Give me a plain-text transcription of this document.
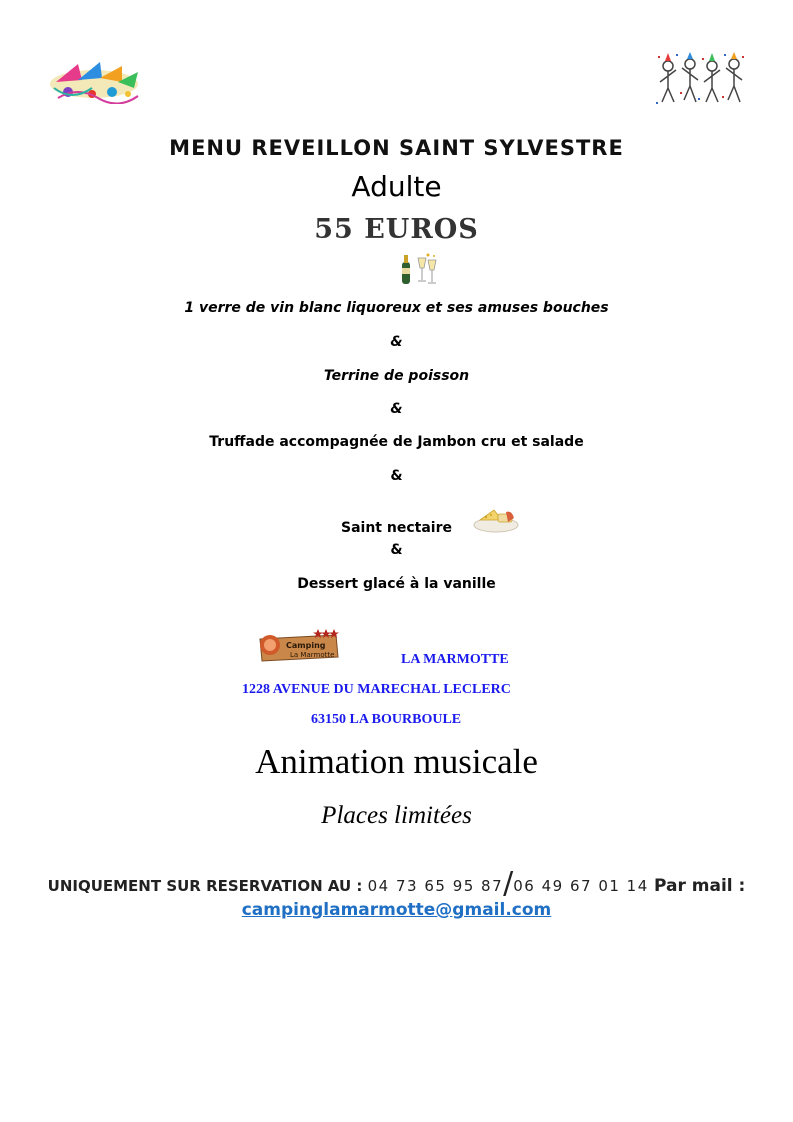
MENU REVEILLON SAINT SYLVESTRE
Adulte
55 EUROS
1 verre de vin blanc liquoreux et ses amuses bouches
&
Terrine de poisson
&
Truffade accompagnée de Jambon cru et salade
&
Saint nectaire
&
Dessert glacé à la vanille
Camping
La Marmotte	LA MARMOTTE
1228 AVENUE DU MARECHAL LECLERC
63150 LA BOURBOULE
Animation musicale
Places limitées
UNIQUEMENT SUR RESERVATION AU : 04 73 65 95 87/06 49 67 01 14 Par mail :
campinglamarmotte@gmail.com
